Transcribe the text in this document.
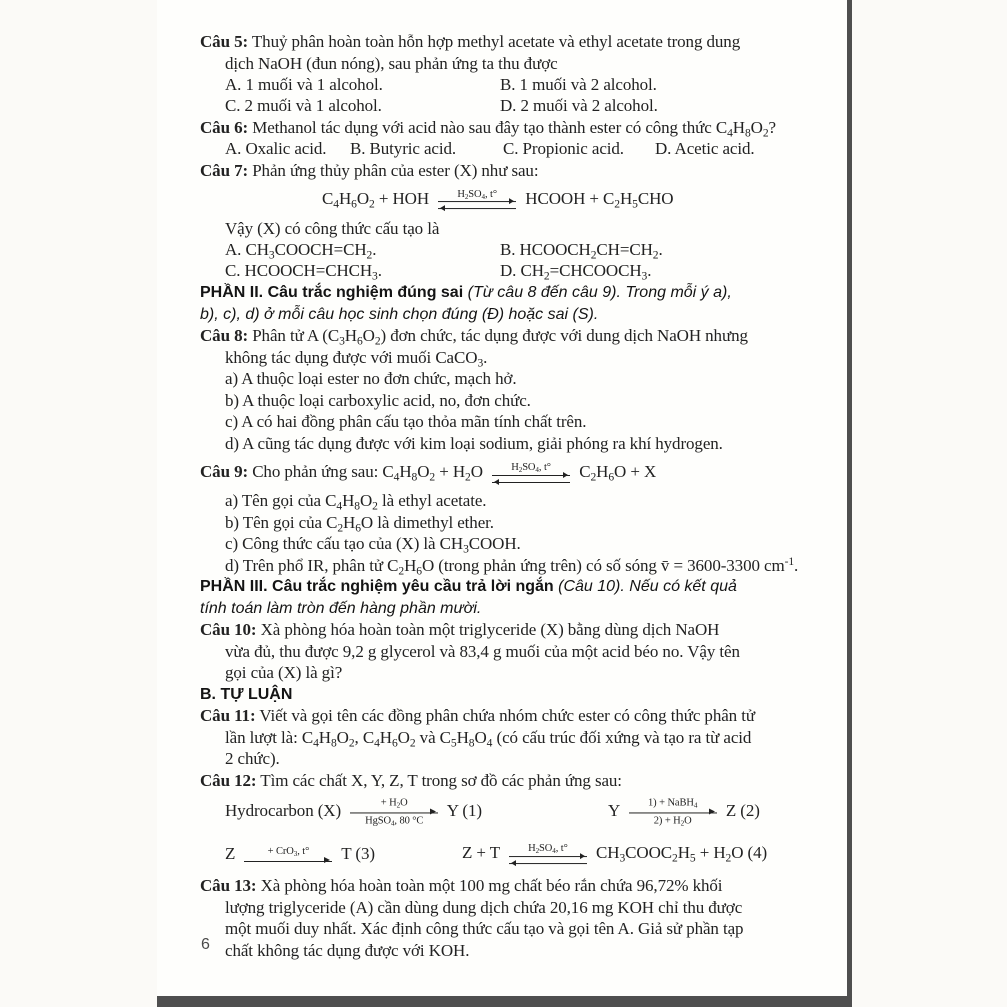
Câu 5: Thuỷ phân hoàn toàn hỗn hợp methyl acetate và ethyl acetate trong dung
dịch NaOH (đun nóng), sau phản ứng ta thu được
A. 1 muối và 1 alcohol.	B. 1 muối và 2 alcohol.
C. 2 muối và 1 alcohol.	D. 2 muối và 2 alcohol.
Câu 6: Methanol tác dụng với acid nào sau đây tạo thành ester có công thức $C_4H_8O_2$?
A. Oxalic acid. B. Butyric acid.	C. Propionic acid. D. Acetic acid.
Câu 7: Phản ứng thủy phân của ester (X) như sau:
$C_4H_6O_2$ + HOH $H_2SO_4$, t° HCOOH + $C_2H_5CHO$
Vậy (X) có công thức cấu tạo là
A. $CH_3COOCH=CH_2$.	B. $HCOOCH_2CH=CH_2$.
C. $HCOOCH=CHCH_3$.	D. $CH_2=CHCOOCH_3$.
PHẦN II. Câu trắc nghiệm đúng sai (Từ câu 8 đến câu 9). Trong mỗi ý a),
b), c), d) ở mỗi câu học sinh chọn đúng (Đ) hoặc sai (S).
Câu 8: Phân tử A $(C_3H_6O_2)$ đơn chức, tác dụng được với dung dịch NaOH nhưng
không tác dụng được với muối CaCO$_3$.
a) A thuộc loại ester no đơn chức, mạch hở.
b) A thuộc loại carboxylic acid, no, đơn chức.
c) A có hai đồng phân cấu tạo thỏa mãn tính chất trên.
d) A cũng tác dụng được với kim loại sodium, giải phóng ra khí hydrogen.
Câu 9: Cho phản ứng sau: $C_4H_8O_2 + H_2O$ $H_2SO_4$, t° $C_2H_6O + X$
a) Tên gọi của $C_4H_8O_2$ là ethyl acetate.
b) Tên gọi của $C_2H_6O$ là dimethyl ether.
c) Công thức cấu tạo của (X) là $CH_3COOH$.
d) Trên phổ IR, phân tử $C_2H_6O$ (trong phản ứng trên) có số sóng v̄ = 3600-3300 $cm^{-1}$.
PHẦN III. Câu trắc nghiệm yêu cầu trả lời ngắn (Câu 10). Nếu có kết quả
tính toán làm tròn đến hàng phần mười.
Câu 10: Xà phòng hóa hoàn toàn một triglyceride (X) bằng dùng dịch NaOH
vừa đủ, thu được 9,2 g glycerol và 83,4 g muối của một acid béo no. Vậy tên
gọi của (X) là gì?
B. TỰ LUẬN
Câu 11: Viết và gọi tên các đồng phân chứa nhóm chức ester có công thức phân tử
lần lượt là: $C_4H_8O_2$, $C_4H_6O_2$ và $C_5H_8O_4$ (có cấu trúc đối xứng và tạo ra từ acid
2 chức).
Câu 12: Tìm các chất X, Y, Z, T trong sơ đồ các phản ứng sau:
Hydrocarbon (X)	+ $H_2O$
HgSO$_4$, 80 °C
Y (1)	Y 1) + NaBH$_4$
$2) + H_2O$
Z (2)
Z	+ CrO$_3$, t° T (3)	Z + T $H_2SO_4$, t° $CH_3COOC_2H_5 + H_2O$ (4)
Câu 13: Xà phòng hóa hoàn toàn một 100 mg chất béo rắn chứa 96,72% khối
lượng triglyceride (A) cần dùng dung dịch chứa 20,16 mg KOH chỉ thu được
một muối duy nhất. Xác định công thức cấu tạo và gọi tên A. Giả sử phần tạp
chất không tác dụng được với KOH.
6
